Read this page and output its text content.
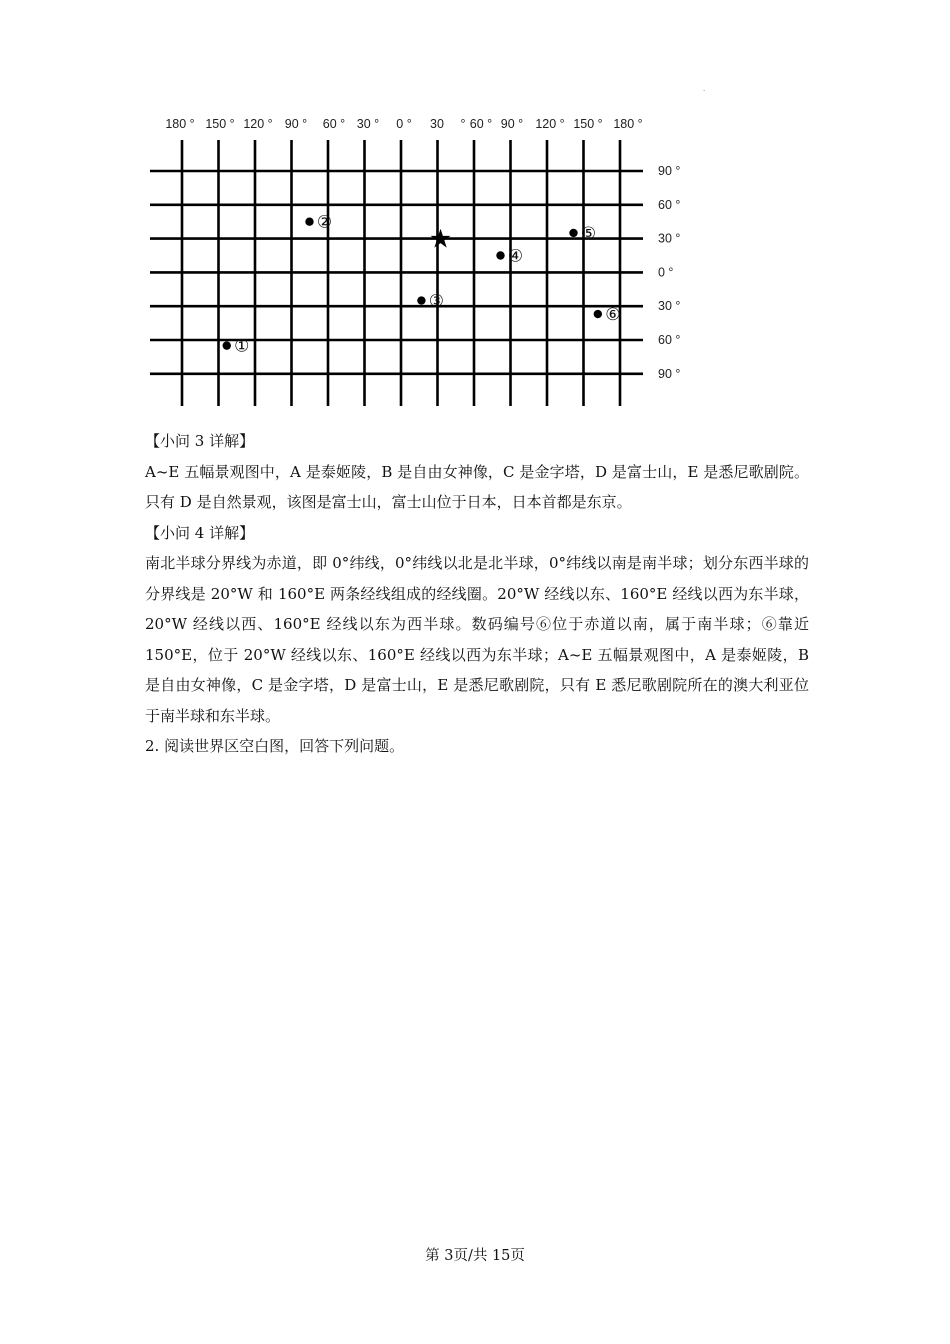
.
180 ° 150 ° 120 ° 90 ° 60 ° 30 ° 0 ° 30 ° 60 ° 90 ° 120 ° 150 ° 180 °
90 °
60 °
30 °
0 °
30 °
60 °
90 °
①
②
③
④
⑤
⑥
★

【小问 3 详解】

A~E 五幅景观图中，A 是泰姬陵，B 是自由女神像，C 是金字塔，D 是富士山，E 是悉尼歌剧院。只有 D 是自然景观，该图是富士山，富士山位于日本，日本首都是东京。

【小问 4 详解】

南北半球分界线为赤道，即 0°纬线，0°纬线以北是北半球，0°纬线以南是南半球；划分东西半球的分界线是 20°W 和 160°E 两条经线组成的经线圈。20°W 经线以东、160°E 经线以西为东半球，20°W 经线以西、160°E 经线以东为西半球。数码编号⑥位于赤道以南，属于南半球；⑥靠近 150°E，位于 20°W 经线以东、160°E 经线以西为东半球；A~E 五幅景观图中，A 是泰姬陵，B 是自由女神像，C 是金字塔，D 是富士山，E 是悉尼歌剧院，只有 E 悉尼歌剧院所在的澳大利亚位于南半球和东半球。

2. 阅读世界区空白图，回答下列问题。

第 3页/共 15页
